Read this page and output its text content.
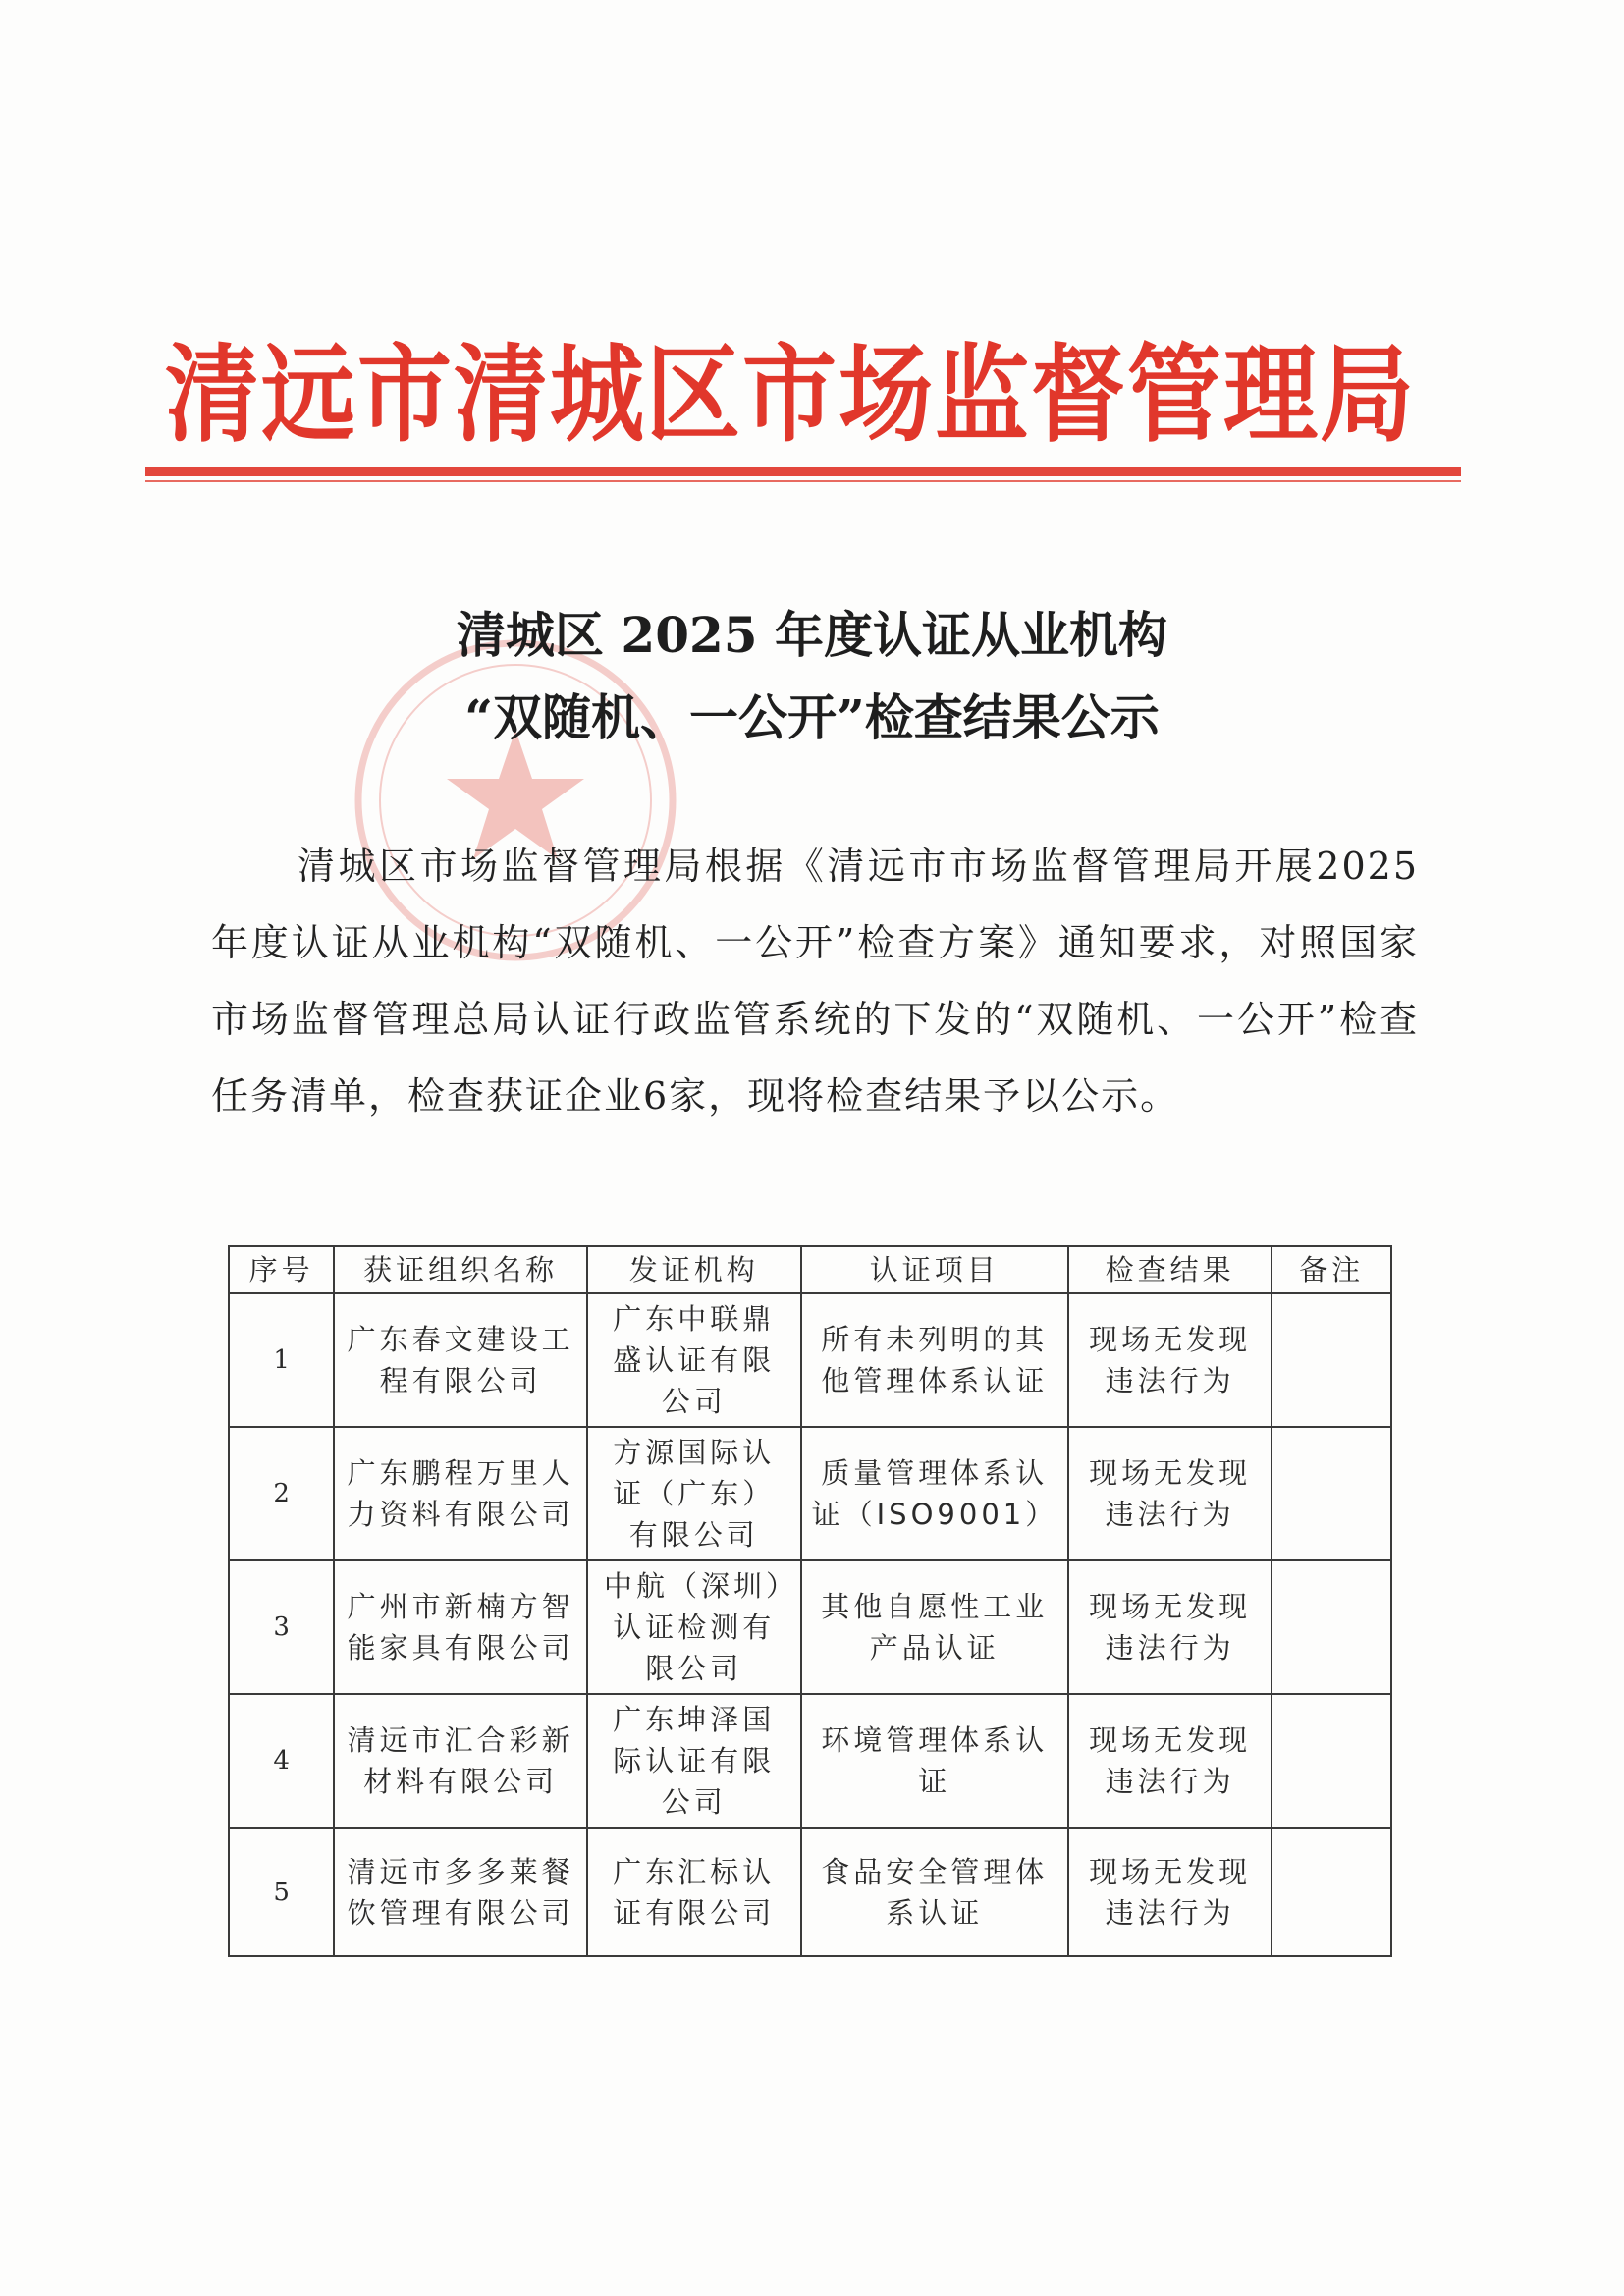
清远市清城区市场监督管理局
清城区 2025 年度认证从业机构
“双随机、一公开”检查结果公示
清城区市场监督管理局根据《清远市市场监督管理局开展2025年度认证从业机构“双随机、一公开”检查方案》通知要求，对照国家市场监督管理总局认证行政监管系统的下发的“双随机、一公开”检查任务清单，检查获证企业6家，现将检查结果予以公示。
序号	获证组织名称	发证机构	认证项目	检查结果	备注
1	广东春文建设工程有限公司	广东中联鼎盛认证有限公司	所有未列明的其他管理体系认证	现场无发现违法行为	
2	广东鹏程万里人力资料有限公司	方源国际认证（广东）有限公司	质量管理体系认证（ISO9001）	现场无发现违法行为	
3	广州市新楠方智能家具有限公司	中航（深圳）认证检测有限公司	其他自愿性工业产品认证	现场无发现违法行为	
4	清远市汇合彩新材料有限公司	广东坤泽国际认证有限公司	环境管理体系认证	现场无发现违法行为	
5	清远市多多莱餐饮管理有限公司	广东汇标认证有限公司	食品安全管理体系认证	现场无发现违法行为	
